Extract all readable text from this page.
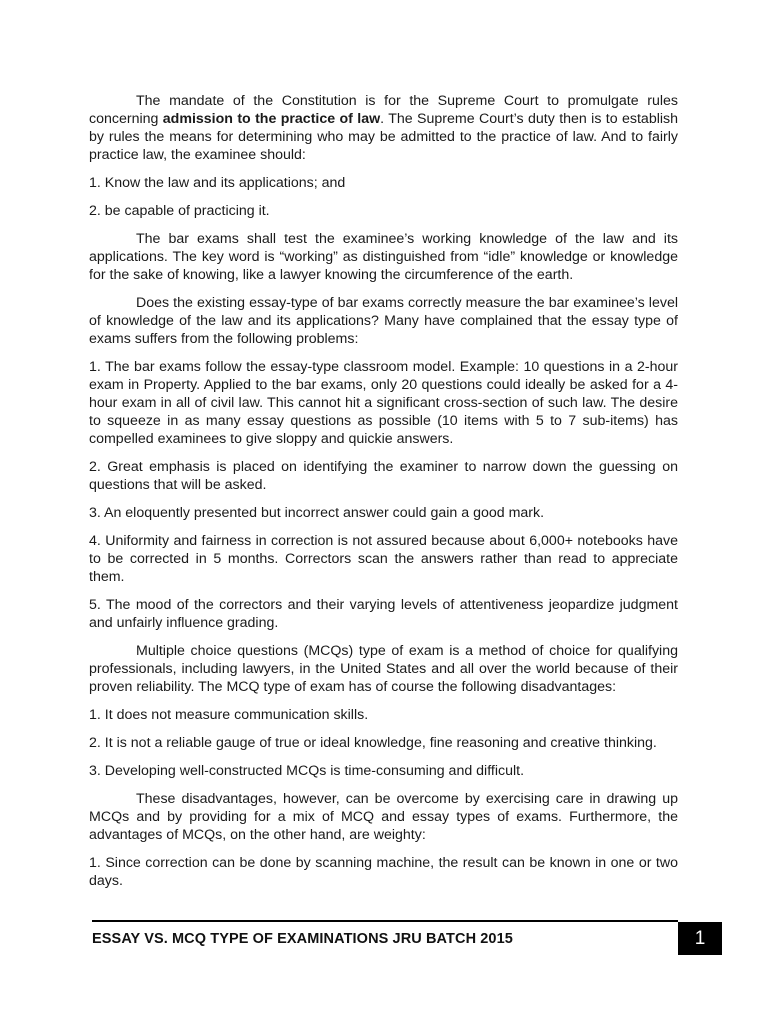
The mandate of the Constitution is for the Supreme Court to promulgate rules concerning admission to the practice of law. The Supreme Court’s duty then is to establish by rules the means for determining who may be admitted to the practice of law. And to fairly practice law, the examinee should:

1. Know the law and its applications; and

2. be capable of practicing it.

The bar exams shall test the examinee’s working knowledge of the law and its applications. The key word is “working” as distinguished from “idle” knowledge or knowledge for the sake of knowing, like a lawyer knowing the circumference of the earth.

Does the existing essay-type of bar exams correctly measure the bar examinee’s level of knowledge of the law and its applications? Many have complained that the essay type of exams suffers from the following problems:

1. The bar exams follow the essay-type classroom model. Example: 10 questions in a 2-hour exam in Property. Applied to the bar exams, only 20 questions could ideally be asked for a 4-hour exam in all of civil law. This cannot hit a significant cross-section of such law. The desire to squeeze in as many essay questions as possible (10 items with 5 to 7 sub-items) has compelled examinees to give sloppy and quickie answers.

2. Great emphasis is placed on identifying the examiner to narrow down the guessing on questions that will be asked.

3. An eloquently presented but incorrect answer could gain a good mark.

4. Uniformity and fairness in correction is not assured because about 6,000+ notebooks have to be corrected in 5 months. Correctors scan the answers rather than read to appreciate them.

5. The mood of the correctors and their varying levels of attentiveness jeopardize judgment and unfairly influence grading.

Multiple choice questions (MCQs) type of exam is a method of choice for qualifying professionals, including lawyers, in the United States and all over the world because of their proven reliability. The MCQ type of exam has of course the following disadvantages:

1. It does not measure communication skills.

2. It is not a reliable gauge of true or ideal knowledge, fine reasoning and creative thinking.

3. Developing well-constructed MCQs is time-consuming and difficult.

These disadvantages, however, can be overcome by exercising care in drawing up MCQs and by providing for a mix of MCQ and essay types of exams. Furthermore, the advantages of MCQs, on the other hand, are weighty:

1. Since correction can be done by scanning machine, the result can be known in one or two days.

ESSAY VS. MCQ TYPE OF EXAMINATIONS JRU BATCH 2015	1
